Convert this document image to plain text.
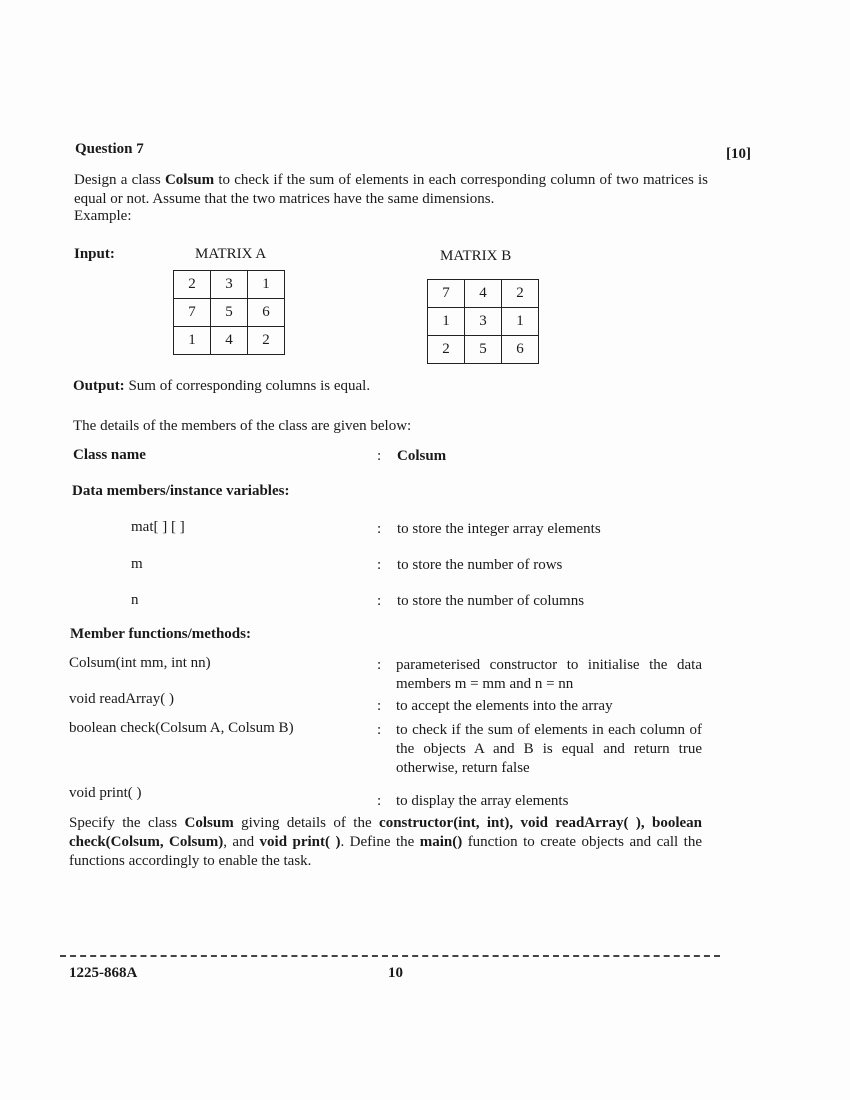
Question 7	[10]
Design a class Colsum to check if the sum of elements in each corresponding column of two matrices is equal or not. Assume that the two matrices have the same dimensions.
Example:
Input:	MATRIX A	MATRIX B
2	3	1
7	5	6
1	4	2
7	4	2
1	3	1
2	5	6
Output: Sum of corresponding columns is equal.
The details of the members of the class are given below:
Class name	: Colsum
Data members/instance variables:
mat[ ] [ ]	: to store the integer array elements
m	: to store the number of rows
n	: to store the number of columns
Member functions/methods:
Colsum(int mm, int nn)	: parameterised constructor to initialise the data members m = mm and n = nn
void readArray( )	: to accept the elements into the array
boolean check(Colsum A, Colsum B)	: to check if the sum of elements in each column of the objects A and B is equal and return true otherwise, return false
void print( )	: to display the array elements
Specify the class Colsum giving details of the constructor(int, int), void readArray( ), boolean check(Colsum, Colsum), and void print( ). Define the main() function to create objects and call the functions accordingly to enable the task.
1225-868A	10
